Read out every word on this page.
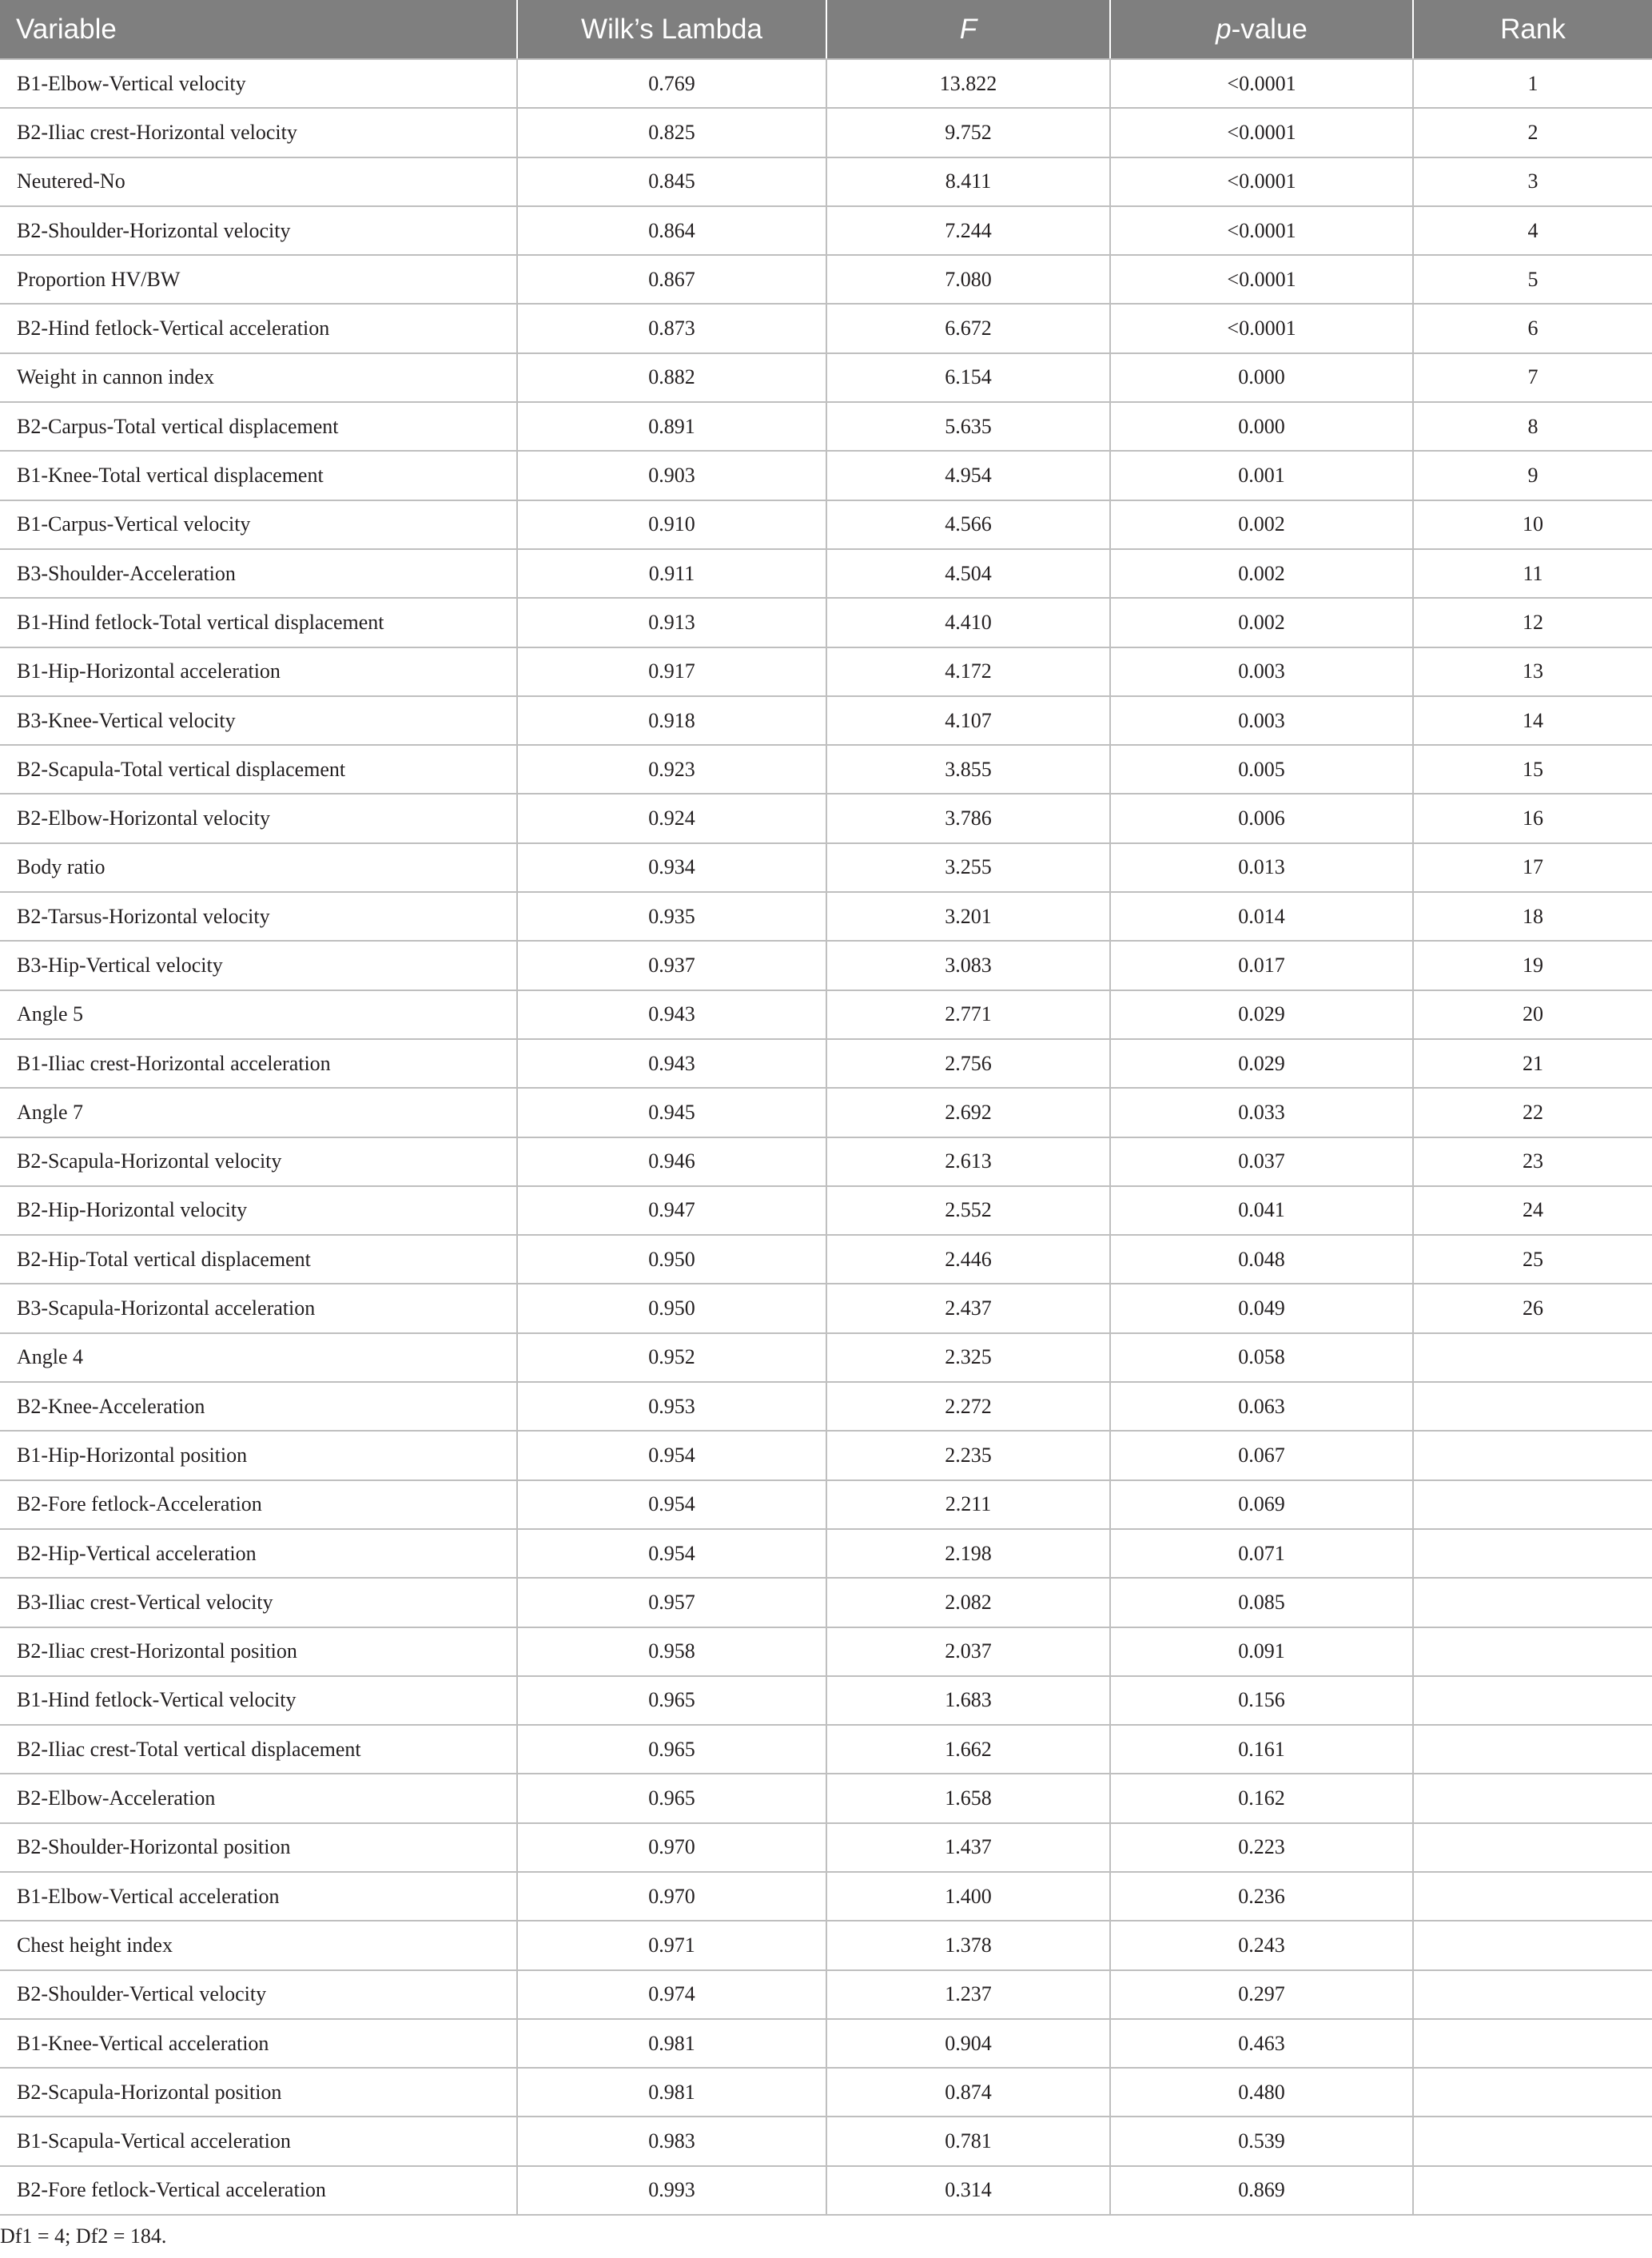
Variable	Wilk’s Lambda	F	p-value	Rank
B1-Elbow-Vertical velocity	0.769	13.822	<0.0001	1
B2-Iliac crest-Horizontal velocity	0.825	9.752	<0.0001	2
Neutered-No	0.845	8.411	<0.0001	3
B2-Shoulder-Horizontal velocity	0.864	7.244	<0.0001	4
Proportion HV/BW	0.867	7.080	<0.0001	5
B2-Hind fetlock-Vertical acceleration	0.873	6.672	<0.0001	6
Weight in cannon index	0.882	6.154	0.000	7
B2-Carpus-Total vertical displacement	0.891	5.635	0.000	8
B1-Knee-Total vertical displacement	0.903	4.954	0.001	9
B1-Carpus-Vertical velocity	0.910	4.566	0.002	10
B3-Shoulder-Acceleration	0.911	4.504	0.002	11
B1-Hind fetlock-Total vertical displacement	0.913	4.410	0.002	12
B1-Hip-Horizontal acceleration	0.917	4.172	0.003	13
B3-Knee-Vertical velocity	0.918	4.107	0.003	14
B2-Scapula-Total vertical displacement	0.923	3.855	0.005	15
B2-Elbow-Horizontal velocity	0.924	3.786	0.006	16
Body ratio	0.934	3.255	0.013	17
B2-Tarsus-Horizontal velocity	0.935	3.201	0.014	18
B3-Hip-Vertical velocity	0.937	3.083	0.017	19
Angle 5	0.943	2.771	0.029	20
B1-Iliac crest-Horizontal acceleration	0.943	2.756	0.029	21
Angle 7	0.945	2.692	0.033	22
B2-Scapula-Horizontal velocity	0.946	2.613	0.037	23
B2-Hip-Horizontal velocity	0.947	2.552	0.041	24
B2-Hip-Total vertical displacement	0.950	2.446	0.048	25
B3-Scapula-Horizontal acceleration	0.950	2.437	0.049	26
Angle 4	0.952	2.325	0.058	
B2-Knee-Acceleration	0.953	2.272	0.063	
B1-Hip-Horizontal position	0.954	2.235	0.067	
B2-Fore fetlock-Acceleration	0.954	2.211	0.069	
B2-Hip-Vertical acceleration	0.954	2.198	0.071	
B3-Iliac crest-Vertical velocity	0.957	2.082	0.085	
B2-Iliac crest-Horizontal position	0.958	2.037	0.091	
B1-Hind fetlock-Vertical velocity	0.965	1.683	0.156	
B2-Iliac crest-Total vertical displacement	0.965	1.662	0.161	
B2-Elbow-Acceleration	0.965	1.658	0.162	
B2-Shoulder-Horizontal position	0.970	1.437	0.223	
B1-Elbow-Vertical acceleration	0.970	1.400	0.236	
Chest height index	0.971	1.378	0.243	
B2-Shoulder-Vertical velocity	0.974	1.237	0.297	
B1-Knee-Vertical acceleration	0.981	0.904	0.463	
B2-Scapula-Horizontal position	0.981	0.874	0.480	
B1-Scapula-Vertical acceleration	0.983	0.781	0.539	
B2-Fore fetlock-Vertical acceleration	0.993	0.314	0.869	
Df1 = 4; Df2 = 184.
